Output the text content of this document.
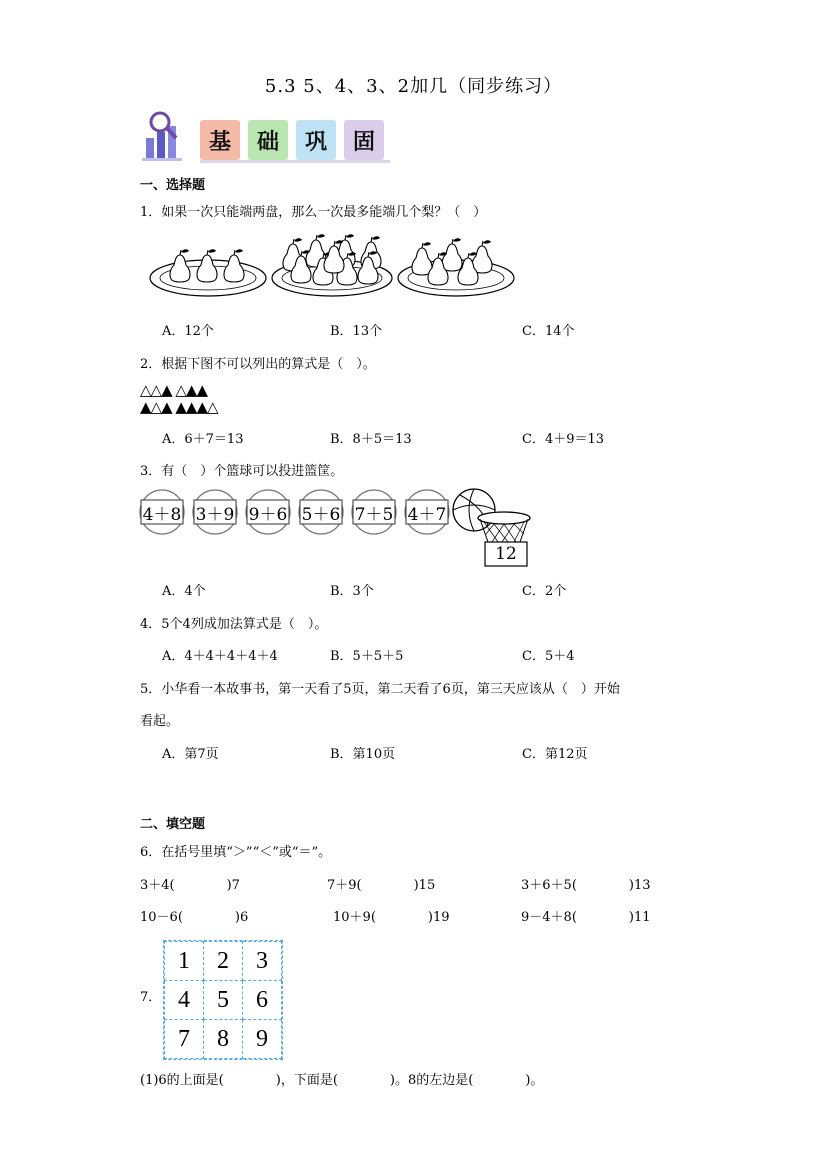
5.3 5、4、3、2加几（同步练习）
基 础 巩 固
一、选择题
1．如果一次只能端两盘，那么一次最多能端几个梨？（　）
A．12个	B．13个	C．14个
2．根据下图不可以列出的算式是（　）。
△△▲ △▲▲
▲△▲ ▲▲▲△
A．6＋7＝13	B．8＋5＝13	C．4＋9＝13
3．有（　）个篮球可以投进篮筐。
4＋8 3＋9 9＋6 5＋6 7＋5 4＋7
12
A．4个	B．3个	C．2个
4．5个4列成加法算式是（　）。
A．4＋4＋4＋4＋4	B．5＋5＋5	C．5＋4
5．小华看一本故事书，第一天看了5页，第二天看了6页，第三天应该从（　）开始
看起。
A．第7页	B．第10页	C．第12页
二、填空题
6．在括号里填“＞”“＜”或“＝”。
3＋4(　　　　)7	7＋9(　　　　)15	3＋6＋5(　　　　)13
10－6(　　　　)6	10＋9(　　　　)19	9－4＋8(　　　　)11
7．
1	2	3
4	5	6
7	8	9
(1)6的上面是(　　　　)，下面是(　　　　)。8的左边是(　　　　)。
